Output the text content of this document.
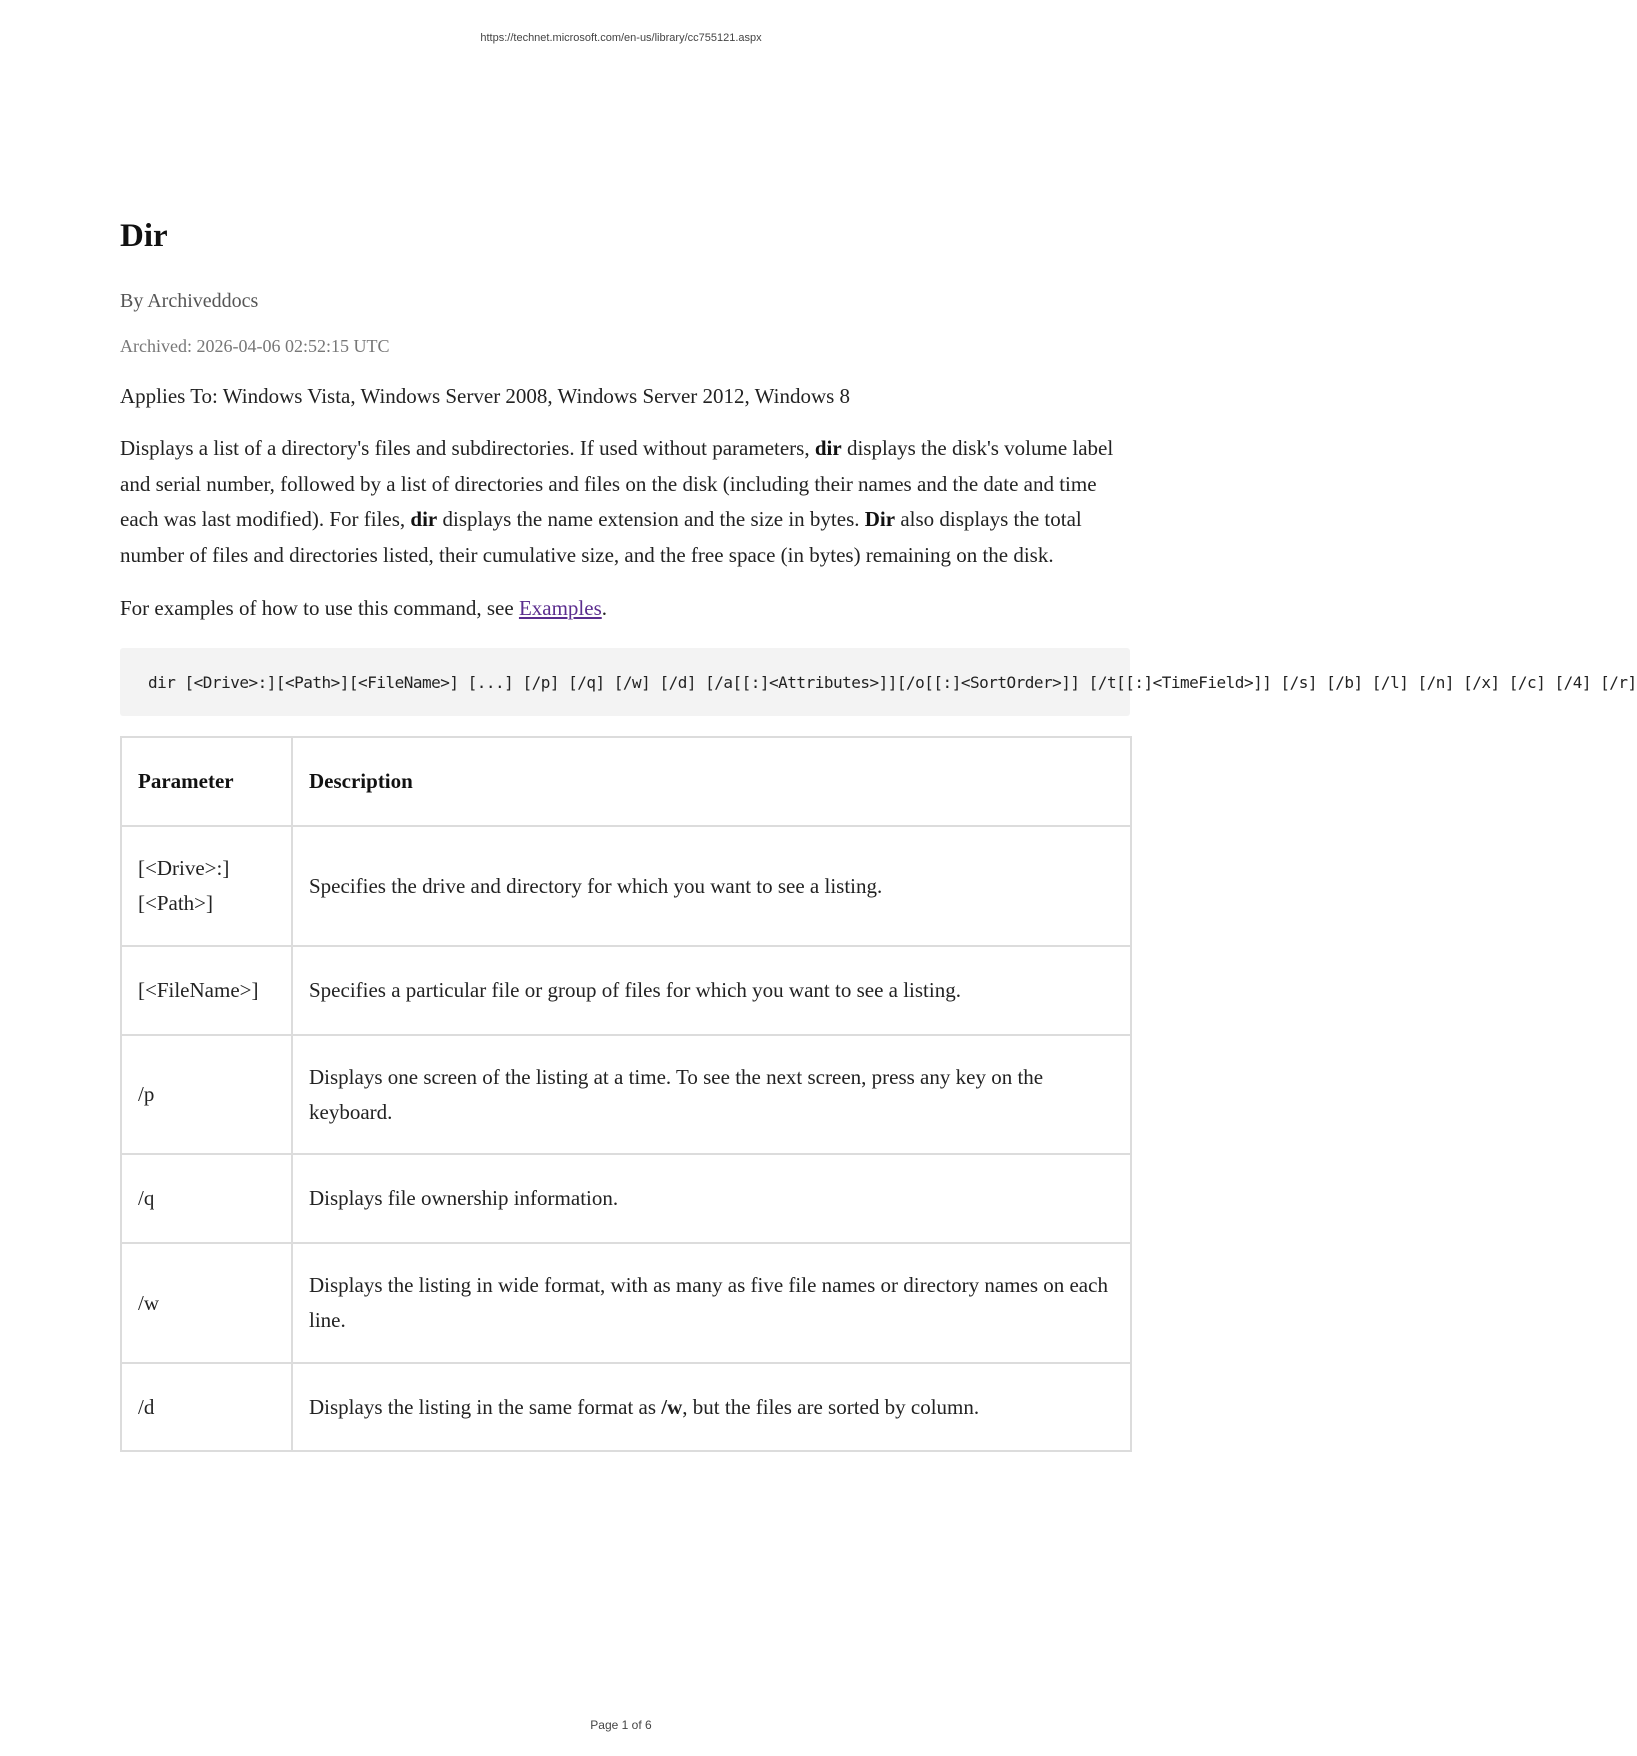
https://technet.microsoft.com/en-us/library/cc755121.aspx
Dir
By Archiveddocs
Archived: 2026-04-06 02:52:15 UTC
Applies To: Windows Vista, Windows Server 2008, Windows Server 2012, Windows 8

Displays a list of a directory's files and subdirectories. If used without parameters, dir displays the disk's volume label and serial number, followed by a list of directories and files on the disk (including their names and the date and time each was last modified). For files, dir displays the name extension and the size in bytes. Dir also displays the total number of files and directories listed, their cumulative size, and the free space (in bytes) remaining on the disk.

For examples of how to use this command, see Examples.

dir [<Drive>:][<Path>][<FileName>] [...] [/p] [/q] [/w] [/d] [/a[[:]<Attributes>]][/o[[:]<SortOrder>]] [/t[[:]<TimeField>]] [/s] [/b] [/l] [/n] [/x] [/c] [/4] [/r]
Parameter	Description
[<Drive>:]
[<Path>]	Specifies the drive and directory for which you want to see a listing.
[<FileName>]	Specifies a particular file or group of files for which you want to see a listing.
/p	Displays one screen of the listing at a time. To see the next screen, press any key on the keyboard.
/q	Displays file ownership information.
/w	Displays the listing in wide format, with as many as five file names or directory names on each line.
/d	Displays the listing in the same format as /w, but the files are sorted by column.
Page 1 of 6
